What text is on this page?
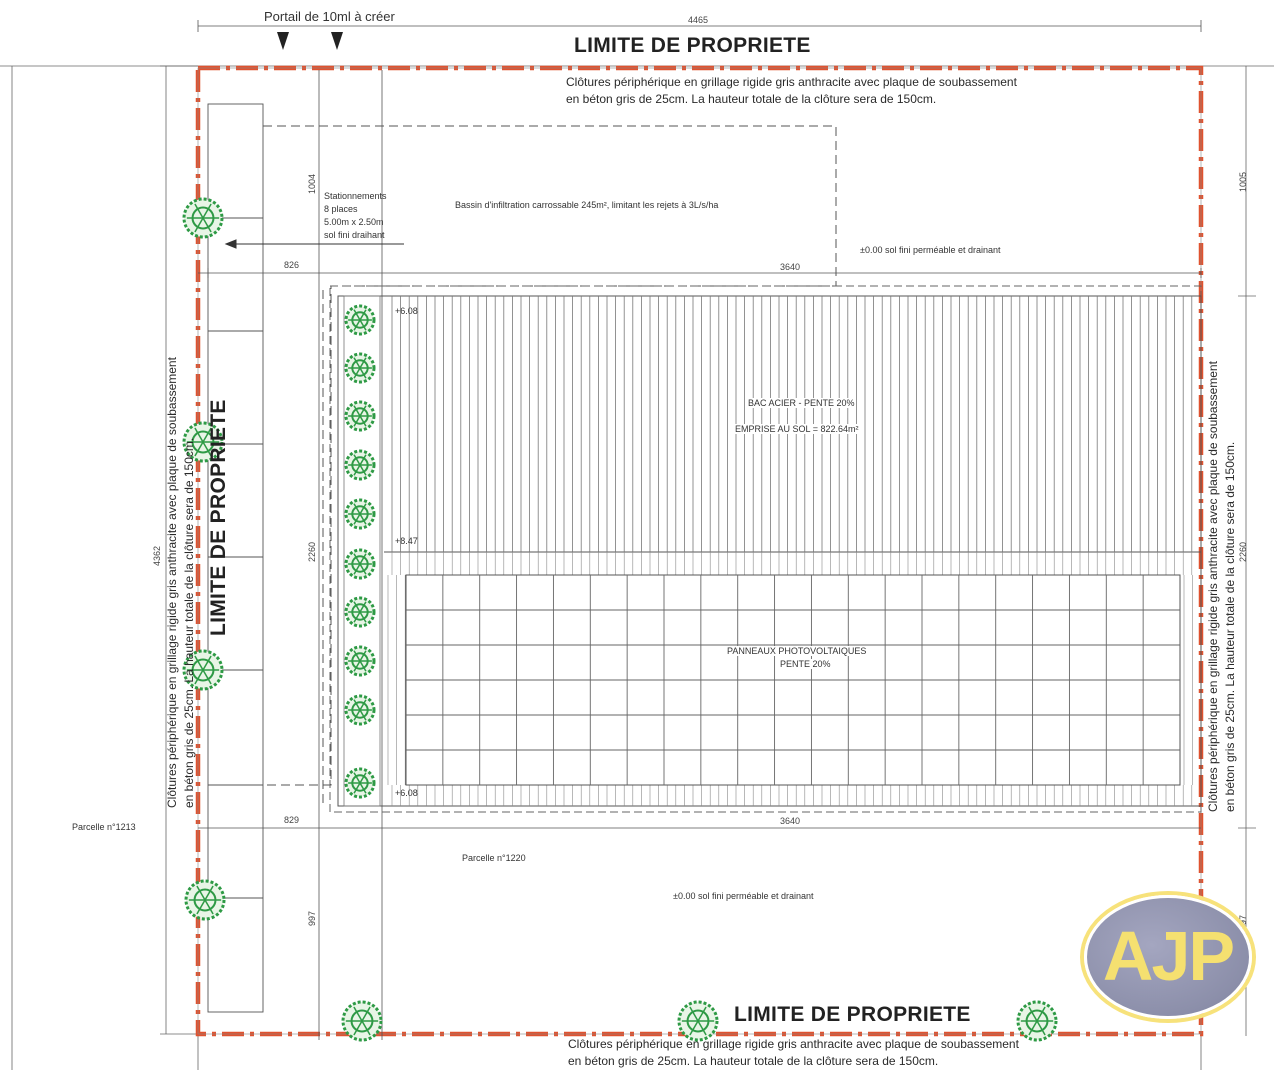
Portail de 10ml à créer	4465
LIMITE DE PROPRIETE
Clôtures périphérique en grillage rigide gris anthracite avec plaque de soubassement
en béton gris de 25cm. La hauteur totale de la clôture sera de 150cm.
Stationnements
8 places
5.00m x 2.50m
sol fini draihant
Bassin d'infiltration carrossable 245m², limitant les rejets à 3L/s/ha
±0.00 sol fini perméable et drainant
826	3640
+6.08
+8.47
+6.08
BAC ACIER - PENTE 20%
EMPRISE AU SOL = 822.64m²
PANNEAUX PHOTOVOLTAIQUES
PENTE 20%
829	3640
Parcelle n°1213
Parcelle n°1220
±0.00 sol fini perméable et drainant
LIMITE DE PROPRIETE
Clôtures périphérique en grillage rigide gris anthracite avec plaque de soubassement
en béton gris de 25cm. La hauteur totale de la clôture sera de 150cm.
LIMITE DE PROPRIETE
Clôtures périphérique en grillage rigide gris anthracite avec plaque de soubassement en béton gris de 25cm. La hauteur totale de la clôture sera de 150cm.	Clôtures périphérique en grillage rigide gris anthracite avec plaque de soubassement en béton gris de 25cm. La hauteur totale de la clôture sera de 150cm.
4362
1004
2260
997
1005
2260
997
AJP
